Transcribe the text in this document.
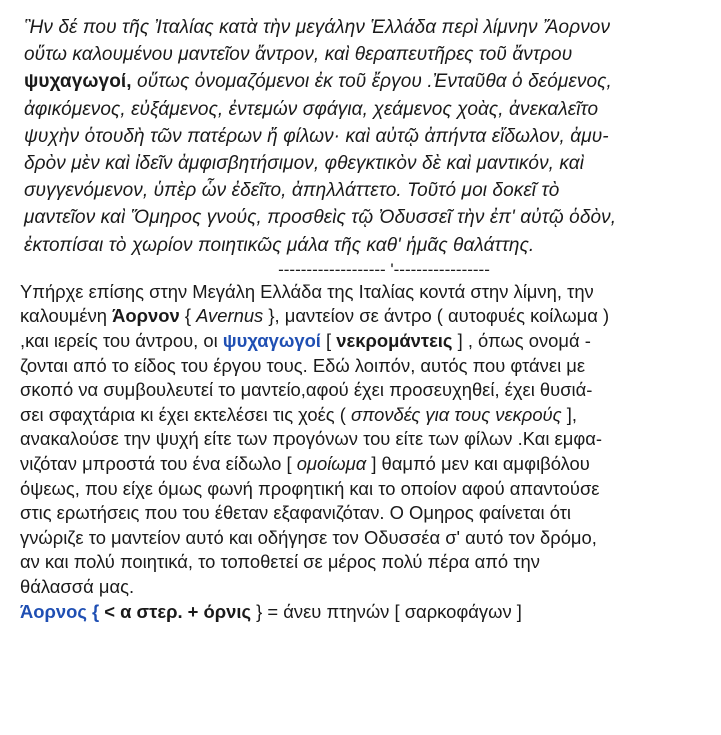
Ἣν δέ που τῆς Ἰταλίας κατὰ τὴν μεγάλην Ἑλλάδα περὶ λίμνην Ἄορνον
οὕτω καλουμένου μαντεῖον ἄντρον, καὶ θεραπευτῆρες τοῦ ἄντρου
ψυχαγωγοί, οὕτως ὀνομαζόμενοι ἐκ τοῦ ἔργου .Ἐνταῦθα ὁ δεόμενος,
ἀφικόμενος, εὐξάμενος, ἐντεμών σφάγια, χεάμενος χοὰς, ἀνεκαλεῖτο
ψυχὴν ὁτουδὴ τῶν πατέρων ἤ φίλων· καὶ αὐτῷ ἀπήντα εἴδωλον, ἀμυ-
δρὸν μὲν καὶ ἰδεῖν ἀμφισβητήσιμον, φθεγκτικὸν δὲ καὶ μαντικόν, καὶ
συγγενόμενον, ὑπὲρ ὧν ἐδεῖτο, ἀπηλλάττετο. Τοῦτό μοι δοκεῖ τὸ
μαντεῖον καὶ Ὅμηρος γνούς, προσθεὶς τῷ Ὀδυσσεῖ τὴν ἐπ' αὐτῷ ὁδὸν,
ἐκτοπίσαι τὸ χωρίον ποιητικῶς μάλα τῆς καθ' ἡμᾶς θαλάττης.

------------------- '-----------------

Υπήρχε επίσης στην Μεγάλη Ελλάδα της Ιταλίας κοντά στην λίμνη, την
καλουμένη Άορνον { Avernus }, μαντείον σε άντρο ( αυτοφυές κοίλωμα )
,και ιερείς του άντρου, οι ψυχαγωγοί [ νεκρομάντεις ] , όπως ονομά -
ζονται από το είδος του έργου τους. Εδώ λοιπόν, αυτός που φτάνει με
σκοπό να συμβουλευτεί το μαντείο,αφού έχει προσευχηθεί, έχει θυσιά-
σει σφαχτάρια κι έχει εκτελέσει τις χοές ( σπονδές για τους νεκρούς ],
ανακαλούσε την ψυχή είτε των προγόνων του είτε των φίλων .Και εμφα-
νιζόταν μπροστά του ένα είδωλο [ ομοίωμα ] θαμπό μεν και αμφιβόλου
όψεως, που είχε όμως φωνή προφητική και το οποίον αφού απαντούσε
στις ερωτήσεις που του έθεταν εξαφανιζόταν. Ο Ομηρος φαίνεται ότι
γνώριζε το μαντείον αυτό και οδήγησε τον Οδυσσέα σ' αυτό τον δρόμο,
αν και πολύ ποιητικά, το τοποθετεί σε μέρος πολύ πέρα από την
θάλασσά μας.
Άορνος { < α στερ. + όρνις } = άνευ πτηνών [ σαρκοφάγων ]
